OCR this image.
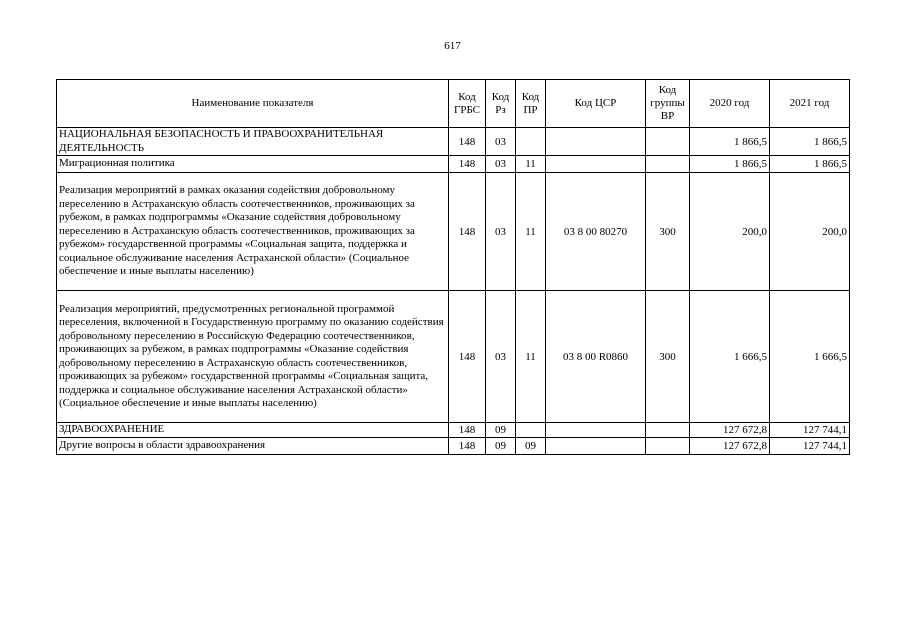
617
Наименование показателя	Код ГРБС	Код Рз	Код ПР	Код ЦСР	Код группы ВР	2020 год	2021 год
НАЦИОНАЛЬНАЯ БЕЗОПАСНОСТЬ И ПРАВООХРАНИТЕЛЬНАЯ ДЕЯТЕЛЬНОСТЬ	148	03				1 866,5	1 866,5
Миграционная политика	148	03	11			1 866,5	1 866,5
Реализация мероприятий в рамках оказания содействия добровольному переселению в Астраханскую область соотечественников, проживающих за рубежом, в рамках подпрограммы «Оказание содействия добровольному переселению в Астраханскую область соотечественников, проживающих за рубежом» государственной программы «Социальная защита, поддержка и социальное обслуживание населения Астраханской области» (Социальное обеспечение и иные выплаты населению)	148	03	11	03 8 00 80270	300	200,0	200,0
Реализация мероприятий, предусмотренных региональной программой переселения, включенной в Государственную программу по оказанию содействия добровольному переселению в Российскую Федерацию соотечественников, проживающих за рубежом, в рамках подпрограммы «Оказание содействия добровольному переселению в Астраханскую область соотечественников, проживающих за рубежом» государственной программы «Социальная защита, поддержка и социальное обслуживание населения Астраханской области» (Социальное обеспечение и иные выплаты населению)	148	03	11	03 8 00 R0860	300	1 666,5	1 666,5
ЗДРАВООХРАНЕНИЕ	148	09				127 672,8	127 744,1
Другие вопросы в области здравоохранения	148	09	09			127 672,8	127 744,1
